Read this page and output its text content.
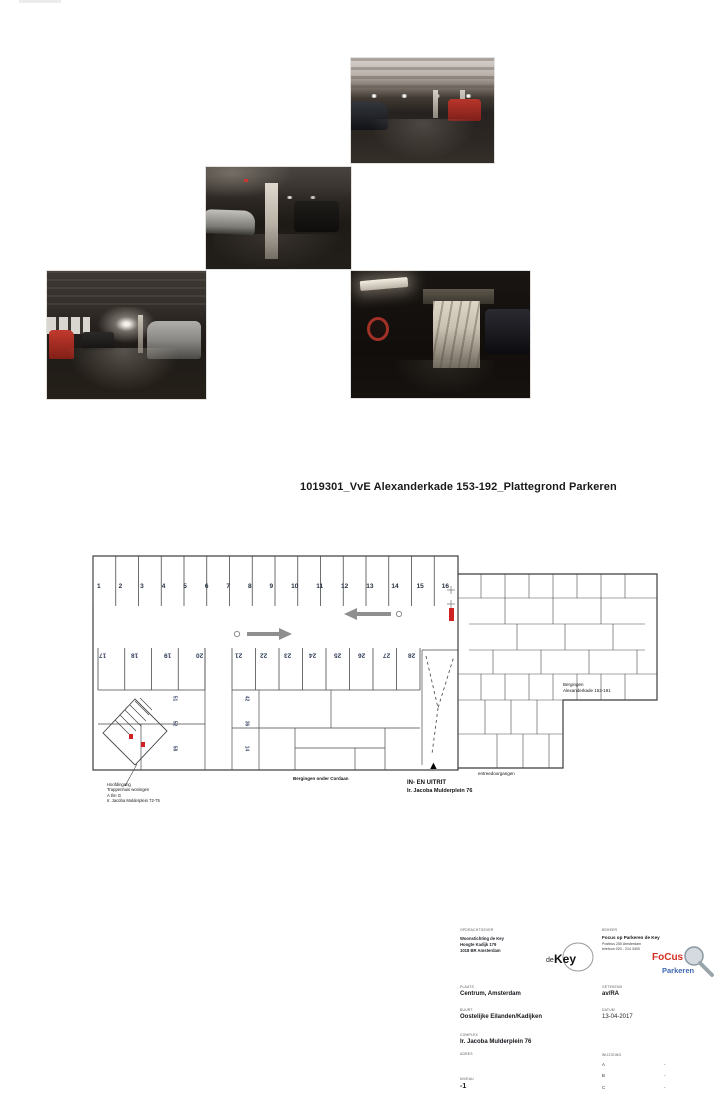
1019301_VvE Alexanderkade 153-192_Plattegrond Parkeren
1	2	3	4	5	6	7	8	9	10	11	12	13	14	15	16
17	18	19	20	21	22	23	24	25	26	27	28
51
52
58
42
36
14
Bergingen
Alexanderkade 153-191
entreedoorgangen
Bergingen onder Cordaan
Hoofdingang
Trappenhuis woningen
A t/m G
Ir. Jacoba Mulderplein 72-75
▲
IN- EN UITRIT
Ir. Jacoba Mulderplein 76
OPDRACHTGEVER
Woonstichting de Key
Hoogte Kadijk 179
1018 BR Amsterdam
de Key
BEHEER
Focus op Parkeren de Key
Postbus 250 Amsterdam
telefoon 020 - 214 3400
FoCus
Parkeren
PLAATS
Centrum, Amsterdam
GETEKEND
av/RA
BUURT
Oostelijke Eilanden/Kadijken
DATUM
13-04-2017
COMPLEX
Ir. Jacoba Mulderplein 76
ADRES	WIJZIGING
A	-
B	-
C	-
NIVEAU
-1
